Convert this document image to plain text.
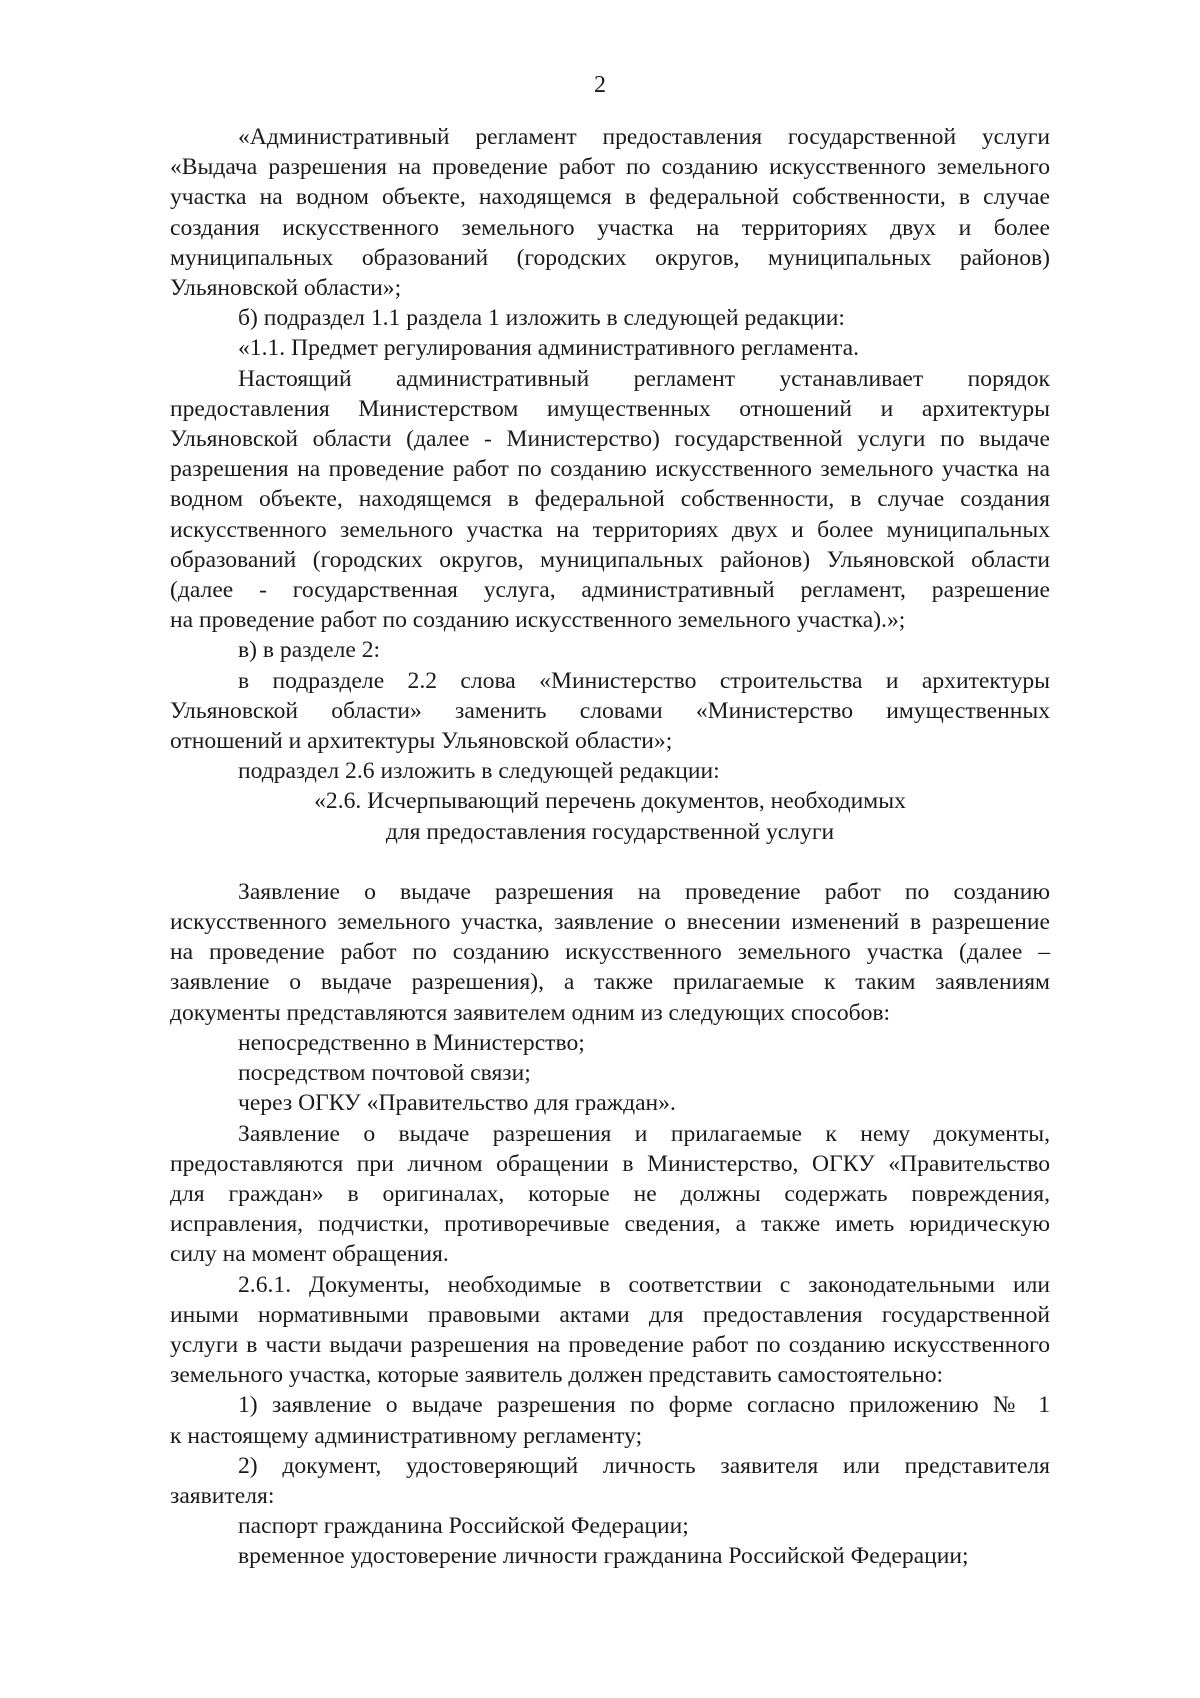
2

«Административный регламент предоставления государственной услуги

«Выдача разрешения на проведение работ по созданию искусственного земельного

участка на водном объекте, находящемся в федеральной собственности, в случае

создания искусственного земельного участка на территориях двух и более

муниципальных образований (городских округов, муниципальных районов)

Ульяновской области»;

б) подраздел 1.1 раздела 1 изложить в следующей редакции:

«1.1. Предмет регулирования административного регламента.

Настоящий административный регламент устанавливает порядок

предоставления Министерством имущественных отношений и архитектуры

Ульяновской области (далее - Министерство) государственной услуги по выдаче

разрешения на проведение работ по созданию искусственного земельного участка на

водном объекте, находящемся в федеральной собственности, в случае создания

искусственного земельного участка на территориях двух и более муниципальных

образований (городских округов, муниципальных районов) Ульяновской области

(далее - государственная услуга, административный регламент, разрешение

на проведение работ по созданию искусственного земельного участка).»;

в) в разделе 2:

в подразделе 2.2 слова «Министерство строительства и архитектуры

Ульяновской области» заменить словами «Министерство имущественных

отношений и архитектуры Ульяновской области»;

подраздел 2.6 изложить в следующей редакции:

«2.6. Исчерпывающий перечень документов, необходимых

для предоставления государственной услуги

Заявление о выдаче разрешения на проведение работ по созданию

искусственного земельного участка, заявление о внесении изменений в разрешение

на проведение работ по созданию искусственного земельного участка (далее –

заявление о выдаче разрешения), а также прилагаемые к таким заявлениям

документы представляются заявителем одним из следующих способов:

непосредственно в Министерство;

посредством почтовой связи;

через ОГКУ «Правительство для граждан».

Заявление о выдаче разрешения и прилагаемые к нему документы,

предоставляются при личном обращении в Министерство, ОГКУ «Правительство

для граждан» в оригиналах, которые не должны содержать повреждения,

исправления, подчистки, противоречивые сведения, а также иметь юридическую

силу на момент обращения.

2.6.1. Документы, необходимые в соответствии с законодательными или

иными нормативными правовыми актами для предоставления государственной

услуги в части выдачи разрешения на проведение работ по созданию искусственного

земельного участка, которые заявитель должен представить самостоятельно:

1) заявление о выдаче разрешения по форме согласно приложению № 1

к настоящему административному регламенту;

2) документ, удостоверяющий личность заявителя или представителя

заявителя:

паспорт гражданина Российской Федерации;

временное удостоверение личности гражданина Российской Федерации;
